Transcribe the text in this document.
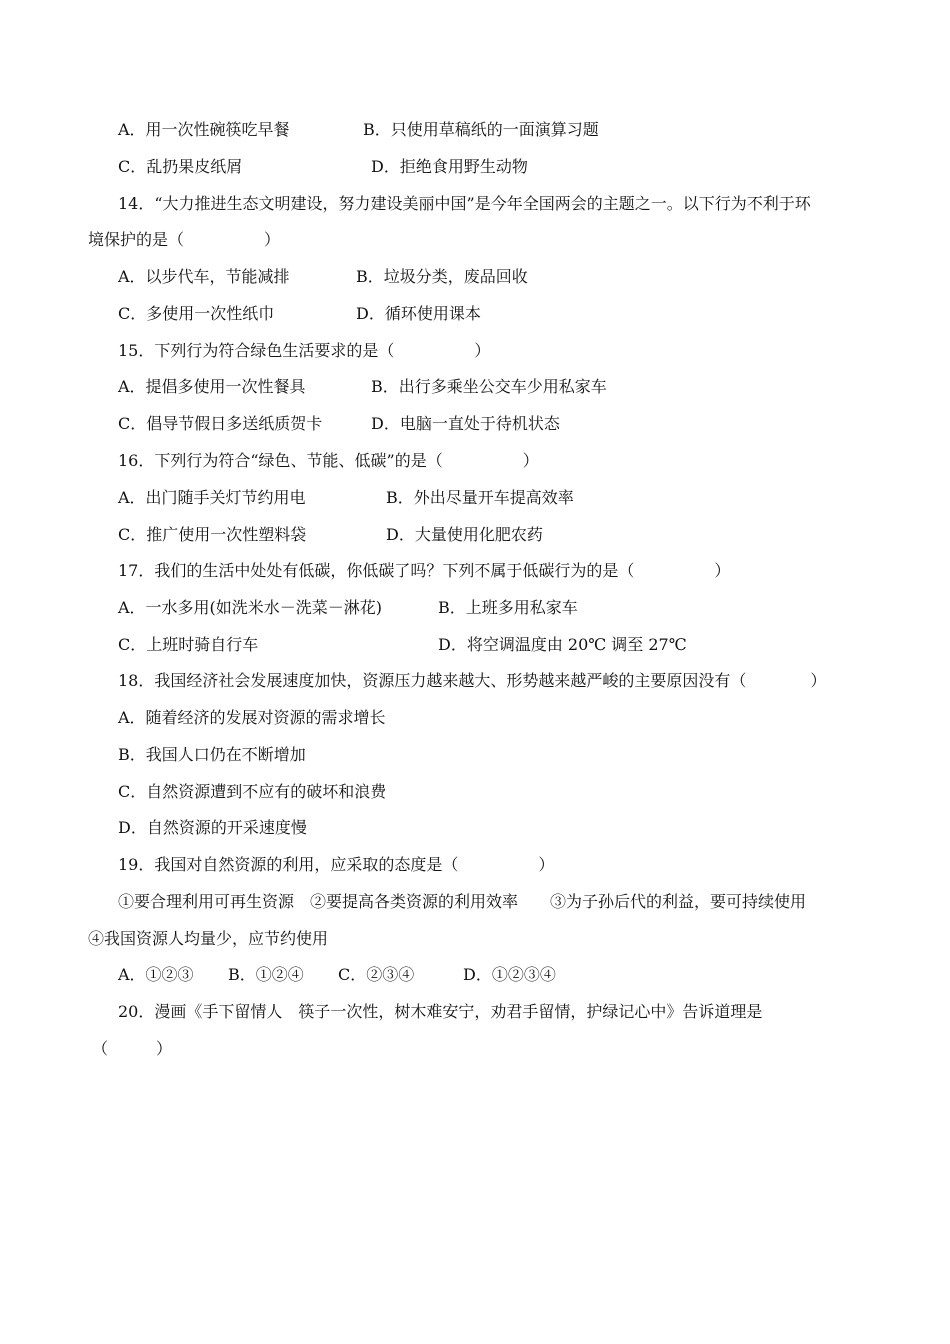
A．用一次性碗筷吃早餐	B．只使用草稿纸的一面演算习题
C．乱扔果皮纸屑	D．拒绝食用野生动物
14．“大力推进生态文明建设，努力建设美丽中国”是今年全国两会的主题之一。以下行为不利于环
境保护的是（　　　　　）
A．以步代车，节能减排	B．垃圾分类，废品回收
C．多使用一次性纸巾	D．循环使用课本
15．下列行为符合绿色生活要求的是（　　　　　）
A．提倡多使用一次性餐具	B．出行多乘坐公交车少用私家车
C．倡导节假日多送纸质贺卡	D．电脑一直处于待机状态
16．下列行为符合“绿色、节能、低碳”的是（　　　　　）
A．出门随手关灯节约用电	B．外出尽量开车提高效率
C．推广使用一次性塑料袋	D．大量使用化肥农药
17．我们的生活中处处有低碳，你低碳了吗？下列不属于低碳行为的是（　　　　　）
A．一水多用(如洗米水－洗菜－淋花)	B．上班多用私家车
C．上班时骑自行车	D．将空调温度由 20℃ 调至 27℃
18．我国经济社会发展速度加快，资源压力越来越大、形势越来越严峻的主要原因没有（　　　　）
A．随着经济的发展对资源的需求增长
B．我国人口仍在不断增加
C．自然资源遭到不应有的破坏和浪费
D．自然资源的开采速度慢
19．我国对自然资源的利用，应采取的态度是（　　　　　）
①要合理利用可再生资源　②要提高各类资源的利用效率　　③为子孙后代的利益，要可持续使用
④我国资源人均量少，应节约使用
A．①②③ B．①②④ C．②③④	D．①②③④
20．漫画《手下留情人　筷子一次性，树木难安宁，劝君手留情，护绿记心中》告诉道理是
（　　　）
